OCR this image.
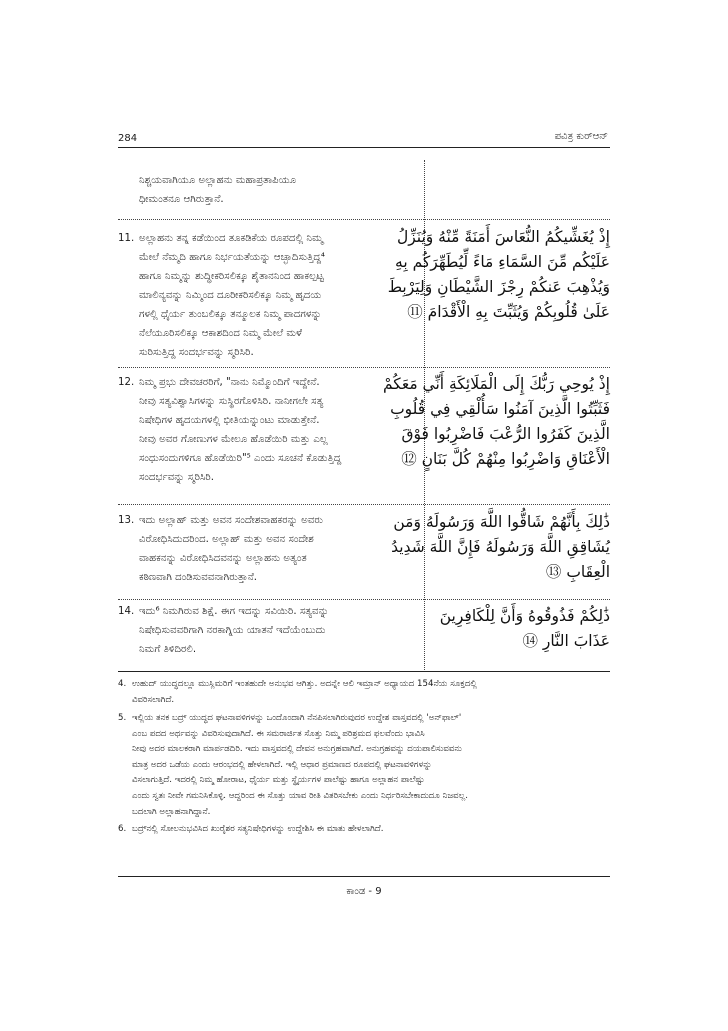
284	ಪವಿತ್ರ ಕುರ್‌ಆನ್
ನಿಶ್ಚಯವಾಗಿಯೂ ಅಲ್ಲಾಹನು ಮಹಾಪ್ರತಾಪಿಯೂ
ಧೀಮಂತನೂ ಆಗಿರುತ್ತಾನೆ.
11. ಅಲ್ಲಾಹನು ತನ್ನ ಕಡೆಯಿಂದ ತೂಕಡಿಕೆಯ ರೂಪದಲ್ಲಿ ನಿಮ್ಮ
ಮೇಲೆ ನೆಮ್ಮದಿ ಹಾಗೂ ನಿರ್ಭಯತೆಯನ್ನು ಆಚ್ಛಾದಿಸುತ್ತಿದ್ದ⁴
ಹಾಗೂ ನಿಮ್ಮನ್ನು ಶುದ್ಧೀಕರಿಸಲಿಕ್ಕೂ ಶೈತಾನನಿಂದ ಹಾಕಲ್ಪಟ್ಟ
ಮಾಲಿನ್ಯವನ್ನು ನಿಮ್ಮಿಂದ ದೂರೀಕರಿಸಲಿಕ್ಕೂ ನಿಮ್ಮ ಹೃದಯ
ಗಳಲ್ಲಿ ಧೈರ್ಯ ತುಂಬಲಿಕ್ಕೂ ತನ್ಮೂಲಕ ನಿಮ್ಮ ಪಾದಗಳನ್ನು
ನೆಲೆಯೂರಿಸಲಿಕ್ಕೂ ಆಕಾಶದಿಂದ ನಿಮ್ಮ ಮೇಲೆ ಮಳೆ
ಸುರಿಸುತ್ತಿದ್ದ ಸಂದರ್ಭವನ್ನು ಸ್ಮರಿಸಿರಿ.
12. ನಿಮ್ಮ ಪ್ರಭು ದೇವಚರರಿಗೆ, "ನಾನು ನಿಮ್ಮೊಂದಿಗೆ ಇದ್ದೇನೆ.
ನೀವು ಸತ್ಯವಿಶ್ವಾಸಿಗಳನ್ನು ಸುಸ್ಥಿರಗೊಳಿಸಿರಿ. ನಾನೀಗಲೇ ಸತ್ಯ
ನಿಷೇಧಿಗಳ ಹೃದಯಗಳಲ್ಲಿ ಭೀತಿಯನ್ನುಂಟು ಮಾಡುತ್ತೇನೆ.
ನೀವು ಅವರ ಗೋಣುಗಳ ಮೇಲೂ ಹೊಡೆಯಿರಿ ಮತ್ತು ಎಲ್ಲ
ಸಂಧುಸಂದುಗಳಿಗೂ ಹೊಡೆಯಿರಿ"⁵ ಎಂದು ಸೂಚನೆ ಕೊಡುತ್ತಿದ್ದ
ಸಂದರ್ಭವನ್ನು ಸ್ಮರಿಸಿರಿ.
13. ಇದು ಅಲ್ಲಾಹ್ ಮತ್ತು ಅವನ ಸಂದೇಶವಾಹಕರನ್ನು ಅವರು
ವಿರೋಧಿಸಿದುದರಿಂದ. ಅಲ್ಲಾಹ್ ಮತ್ತು ಅವನ ಸಂದೇಶ
ವಾಹಕನನ್ನು ವಿರೋಧಿಸಿದವನನ್ನು ಅಲ್ಲಾಹನು ಅತ್ಯಂತ
ಕಠಿಣವಾಗಿ ದಂಡಿಸುವವನಾಗಿರುತ್ತಾನೆ.
14. ಇದು⁶ ನಿಮಗಿರುವ ಶಿಕ್ಷೆ. ಈಗ ಇದನ್ನು ಸವಿಯಿರಿ. ಸತ್ಯವನ್ನು
ನಿಷೇಧಿಸುವವರಿಗಾಗಿ ನರಕಾಗ್ನಿಯ ಯಾತನೆ ಇದೆಯೆಂಬುದು
ನಿಮಗೆ ತಿಳಿದಿರಲಿ.
إِذْ يُغَشِّيكُمُ النُّعَاسَ أَمَنَةً مِّنْهُ وَيُنَزِّلُ
عَلَيْكُم مِّنَ السَّمَاءِ مَاءً لِّيُطَهِّرَكُم بِهِ
وَيُذْهِبَ عَنكُمْ رِجْزَ الشَّيْطَانِ وَلِيَرْبِطَ
عَلَىٰ قُلُوبِكُمْ وَيُثَبِّتَ بِهِ الْأَقْدَامَ ⑪
إِذْ يُوحِي رَبُّكَ إِلَى الْمَلَائِكَةِ أَنِّي مَعَكُمْ
فَثَبِّتُوا الَّذِينَ آمَنُوا سَأُلْقِي فِي قُلُوبِ
الَّذِينَ كَفَرُوا الرُّعْبَ فَاضْرِبُوا فَوْقَ
الْأَعْنَاقِ وَاضْرِبُوا مِنْهُمْ كُلَّ بَنَانٍ ⑫
ذَٰلِكَ بِأَنَّهُمْ شَاقُّوا اللَّهَ وَرَسُولَهُ وَمَن
يُشَاقِقِ اللَّهَ وَرَسُولَهُ فَإِنَّ اللَّهَ شَدِيدُ
الْعِقَابِ ⑬
ذَٰلِكُمْ فَذُوقُوهُ وَأَنَّ لِلْكَافِرِينَ
عَذَابَ النَّارِ ⑭
4. ಉಹುದ್ ಯುದ್ಧದಲ್ಲೂ ಮುಸ್ಲಿಮರಿಗೆ ಇಂತಹುದೇ ಅನುಭವ ಆಗಿತ್ತು. ಅದನ್ನೇ ಆಲಿ ಇಮ್ರಾನ್ ಅಧ್ಯಾಯದ 154ನೆಯ ಸೂಕ್ತದಲ್ಲಿ
ವಿವರಿಸಲಾಗಿದೆ.
5. ಇಲ್ಲಿಯ ತನಕ ಬದ್ರ್ ಯುದ್ಧದ ಘಟನಾವಳಿಗಳನ್ನು ಒಂದೊಂದಾಗಿ ನೆನಪಿಸಲಾಗಿರುವುದರ ಉದ್ದೇಶ ವಾಸ್ತವದಲ್ಲಿ 'ಅನ್‌ಫಾಲ್'
ಎಂಬ ಪದದ ಅರ್ಥವನ್ನು ವಿವರಿಸುವುದಾಗಿದೆ. ಈ ಸಮರಾರ್ಜಿತ ಸೊತ್ತು ನಿಮ್ಮ ಪರಿಶ್ರಮದ ಫಲವೆಂದು ಭಾವಿಸಿ
ನೀವು ಅದರ ಮಾಲಕರಾಗಿ ಮಾರ್ಪಡದಿರಿ. ಇದು ವಾಸ್ತವದಲ್ಲಿ ದೇವನ ಅನುಗ್ರಹವಾಗಿದೆ. ಅನುಗ್ರಹವನ್ನು ದಯಪಾಲಿಸುವವನು
ಮಾತ್ರ ಅದರ ಒಡೆಯ ಎಂದು ಆರಂಭದಲ್ಲಿ ಹೇಳಲಾಗಿದೆ. ಇಲ್ಲಿ ಆಧಾರ ಪ್ರಮಾಣದ ರೂಪದಲ್ಲಿ ಘಟನಾವಳಿಗಳನ್ನು
ವಿಸಲಾಗುತ್ತಿದೆ. ಇದರಲ್ಲಿ ನಿಮ್ಮ ಹೋರಾಟ, ಧೈರ್ಯ ಮತ್ತು ಸ್ಥೈರ್ಯಗಳ ಪಾಲೆಷ್ಟು ಹಾಗೂ ಅಲ್ಲಾಹನ ಪಾಲೆಷ್ಟು
ಎಂದು ಸ್ವತಃ ನೀವೇ ಗಮನಿಸಿಕೊಳ್ಳಿ. ಆದ್ದರಿಂದ ಈ ಸೊತ್ತು ಯಾವ ರೀತಿ ವಿತರಿಸಬೇಕು ಎಂದು ನಿರ್ಧರಿಸಬೇಕಾದುದೂ ನಿಜವಲ್ಲ.
ಬದಲಾಗಿ ಅಲ್ಲಾಹನಾಗಿದ್ದಾನೆ.
6. ಬದ್ರ್‌ನಲ್ಲಿ ಸೋಲನುಭವಿಸಿದ ಖುರೈಶರ ಸತ್ಯನಿಷೇಧಿಗಳನ್ನು ಉದ್ದೇಶಿಸಿ ಈ ಮಾತು ಹೇಳಲಾಗಿದೆ.
ಕಾಂಡ - 9
